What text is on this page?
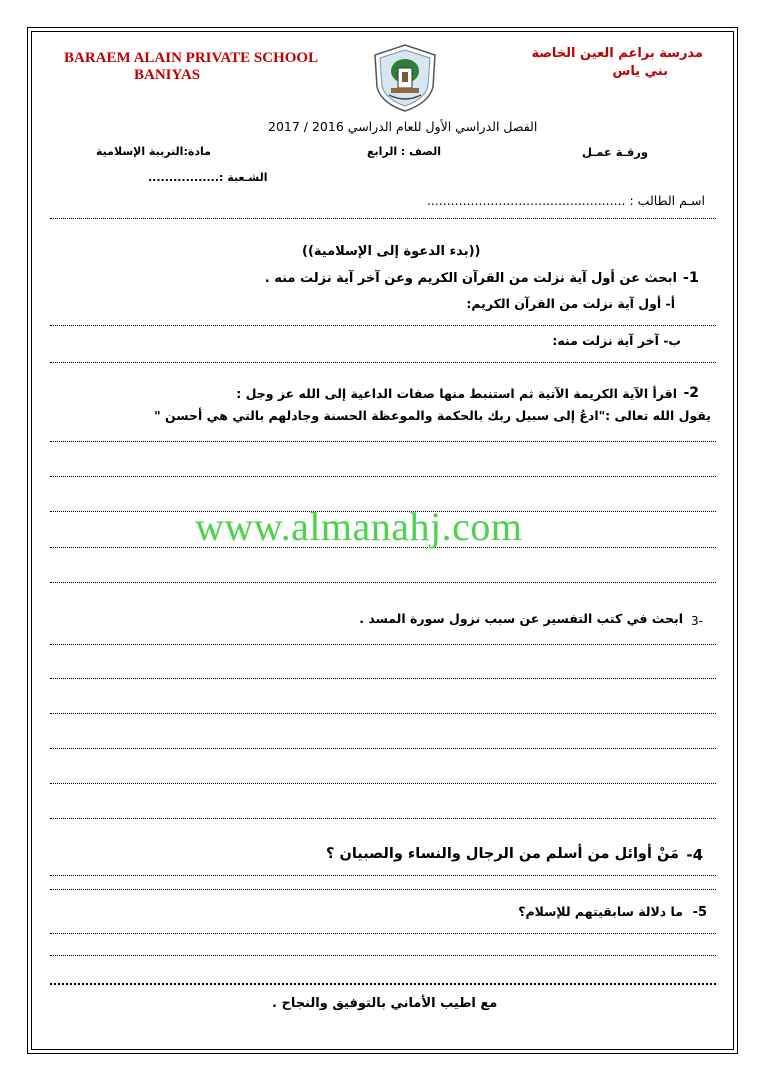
BARAEM ALAIN PRIVATE SCHOOL
BANIYAS
مدرسة براعم العين الخاصة
بني ياس
الفصل الدراسي الأول للعام الدراسي 2016 / 2017
ورقـة عمـل
الصف : الرابع
مادة:التربية الإسلامية
الشـعبة :.................
اسـم الطالب : ..................................................
((بدء الدعوة إلى الإسلامية))
1-
ابحث عن أول آية نزلت من القرآن الكريم وعن آخر آية نزلت منه .
أ- أول آية نزلت من القرآن الكريم:
ب- آخر آية نزلت منه:
2-
اقرأ الآية الكريمة الآتية ثم استنبط منها صفات الداعية إلى الله عز وجل :
يقول الله تعالى :"ادعُ إلى سبيل ربك بالحكمة والموعظة الحسنة وجادلهم بالتي هي أحسن "
www.almanahj.com
-3
ابحث في كتب التفسير عن سبب نزول سورة المسد .
4-
مَنْ أوائل من أسلم من الرجال والنساء والصبيان ؟
5-
ما دلالة سابقيتهم للإسلام؟
مع اطيب الأماني بالتوفيق والنجاح .
